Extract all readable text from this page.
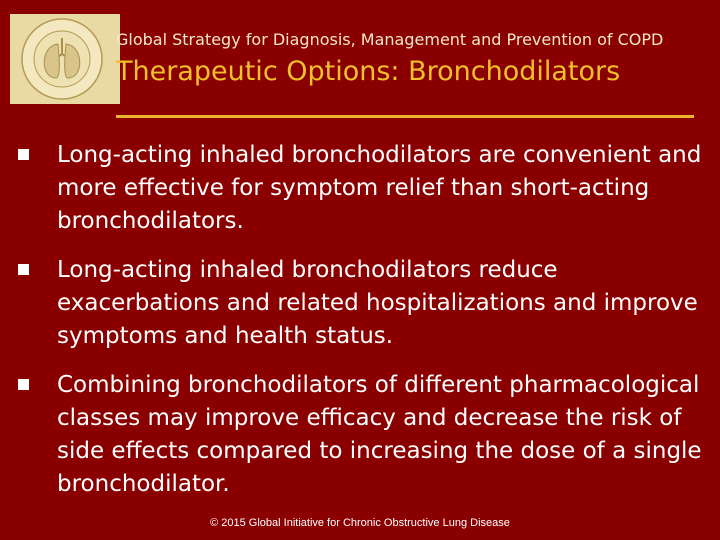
Global Strategy for Diagnosis, Management and Prevention of COPD
Therapeutic Options: Bronchodilators
Long-acting inhaled bronchodilators are convenient and more effective for symptom relief than short-acting bronchodilators.
Long-acting inhaled bronchodilators reduce exacerbations and related hospitalizations and improve symptoms and health status.
Combining bronchodilators of different pharmacological classes may improve efficacy and decrease the risk of side effects compared to increasing the dose of a single bronchodilator.
© 2015 Global Initiative for Chronic Obstructive Lung Disease
